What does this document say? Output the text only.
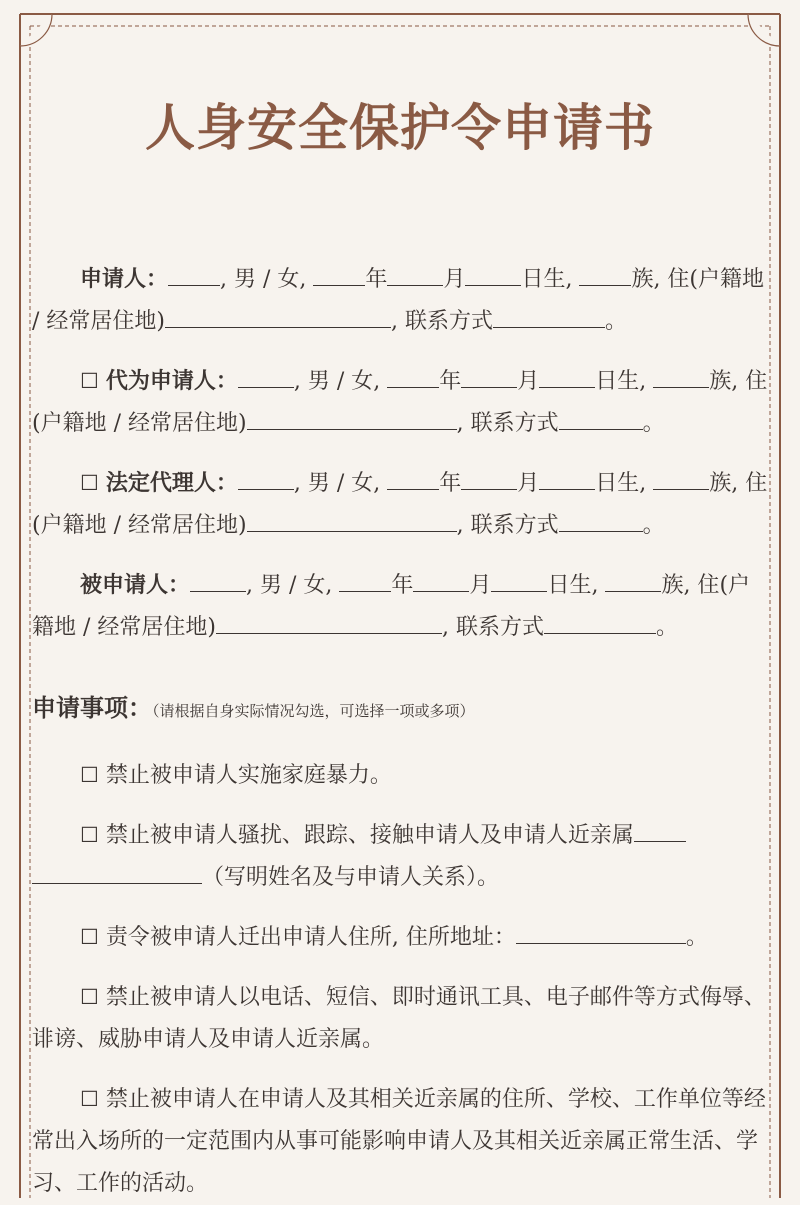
人身安全保护令申请书

申请人： , 男 / 女,	年	月	日生,	族, 住(户籍地 / 经常居住地)	, 联系方式	。

☐ 代为申请人：	, 男 / 女,	年	月	日生,	族, 住(户籍地 / 经常居住地)	, 联系方式	。

☐ 法定代理人：	, 男 / 女,	年	月	日生,	族, 住(户籍地 / 经常居住地)	, 联系方式	。

被申请人：	, 男 / 女,	年	月	日生,	族, 住(户籍地 / 经常居住地)	, 联系方式	。

申请事项：（请根据自身实际情况勾选，可选择一项或多项）

☐ 禁止被申请人实施家庭暴力。

☐ 禁止被申请人骚扰、跟踪、接触申请人及申请人近亲属
（写明姓名及与申请人关系）。

☐ 责令被申请人迁出申请人住所, 住所地址：	。

☐ 禁止被申请人以电话、短信、即时通讯工具、电子邮件等方式侮辱、诽谤、威胁申请人及申请人近亲属。

☐ 禁止被申请人在申请人及其相关近亲属的住所、学校、工作单位等经常出入场所的一定范围内从事可能影响申请人及其相关近亲属正常生活、学习、工作的活动。
